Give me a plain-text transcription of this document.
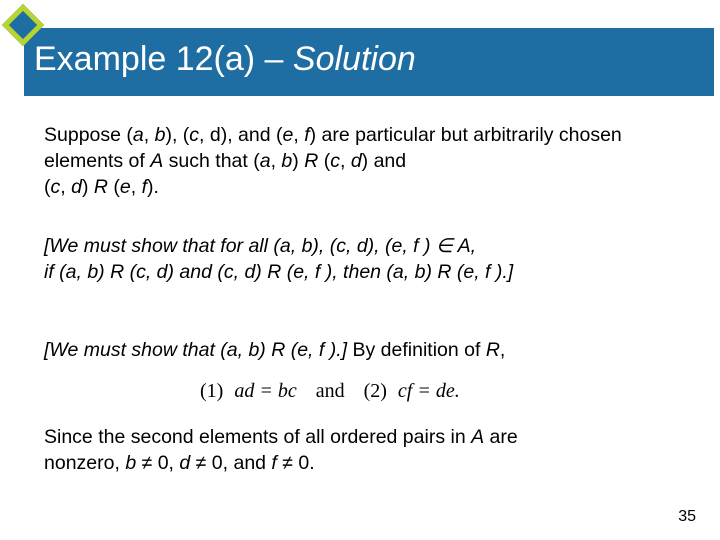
Example 12(a) – Solution
Suppose (a, b), (c, d), and (e, f) are particular but arbitrarily chosen elements of A such that (a, b) R (c, d) and
(c, d) R (e, f).
[We must show that for all (a, b), (c, d), (e, f ) ∈ A,
if (a, b) R (c, d) and (c, d) R (e, f ), then (a, b) R (e, f ).]
[We must show that (a, b) R (e, f ).] By definition of R,
(1) ad = bc and (2) cf = de.
Since the second elements of all ordered pairs in A are
nonzero, b ≠ 0, d ≠ 0, and f ≠ 0.
35
